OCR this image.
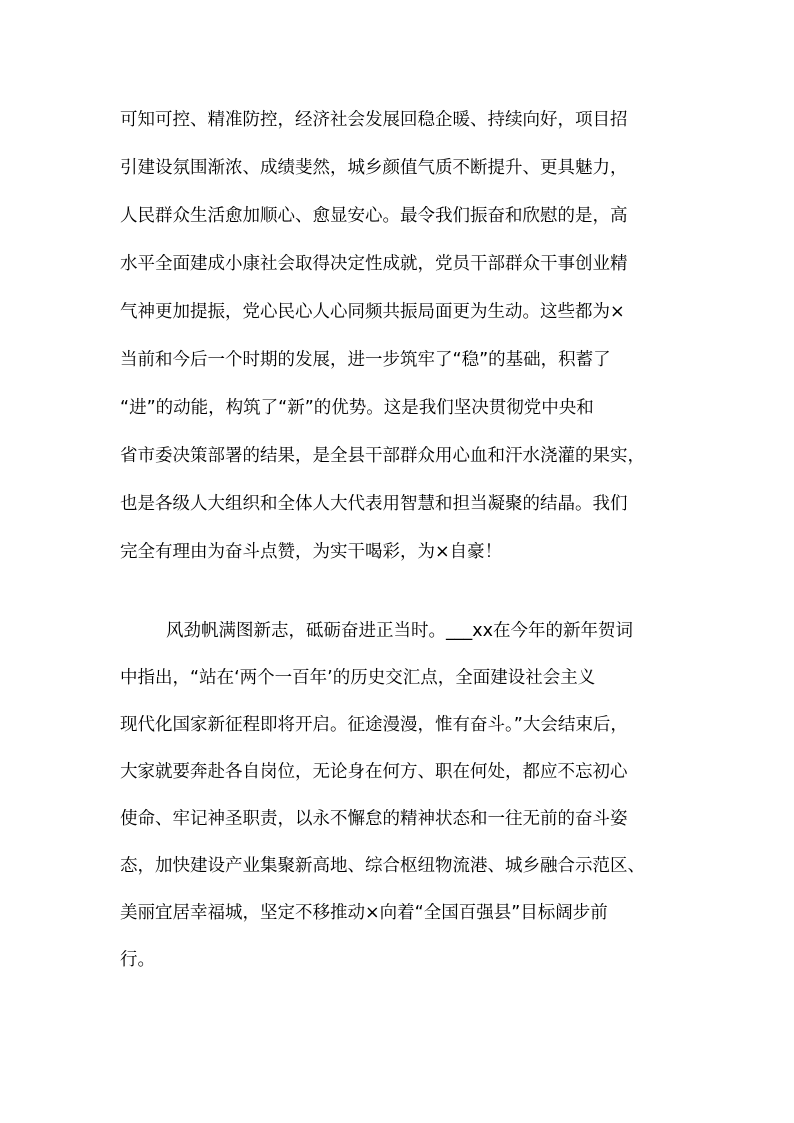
可知可控、精准防控，经济社会发展回稳企暖、持续向好，项目招
引建设氛围渐浓、成绩斐然，城乡颜值气质不断提升、更具魅力，
人民群众生活愈加顺心、愈显安心。最令我们振奋和欣慰的是，高
水平全面建成小康社会取得决定性成就，党员干部群众干事创业精
气神更加提振，党心民心人心同频共振局面更为生动。这些都为×
当前和今后一个时期的发展，进一步筑牢了“稳”的基础，积蓄了
“进”的动能，构筑了“新”的优势。这是我们坚决贯彻党中央和
省市委决策部署的结果，是全县干部群众用心血和汗水浇灌的果实，
也是各级人大组织和全体人大代表用智慧和担当凝聚的结晶。我们
完全有理由为奋斗点赞，为实干喝彩，为×自豪！
风劲帆满图新志，砥砺奋进正当时。___xx在今年的新年贺词
中指出，“站在‘两个一百年’的历史交汇点，全面建设社会主义
现代化国家新征程即将开启。征途漫漫，惟有奋斗。”大会结束后，
大家就要奔赴各自岗位，无论身在何方、职在何处，都应不忘初心
使命、牢记神圣职责，以永不懈怠的精神状态和一往无前的奋斗姿
态，加快建设产业集聚新高地、综合枢纽物流港、城乡融合示范区、
美丽宜居幸福城，坚定不移推动×向着“全国百强县”目标阔步前
行。
